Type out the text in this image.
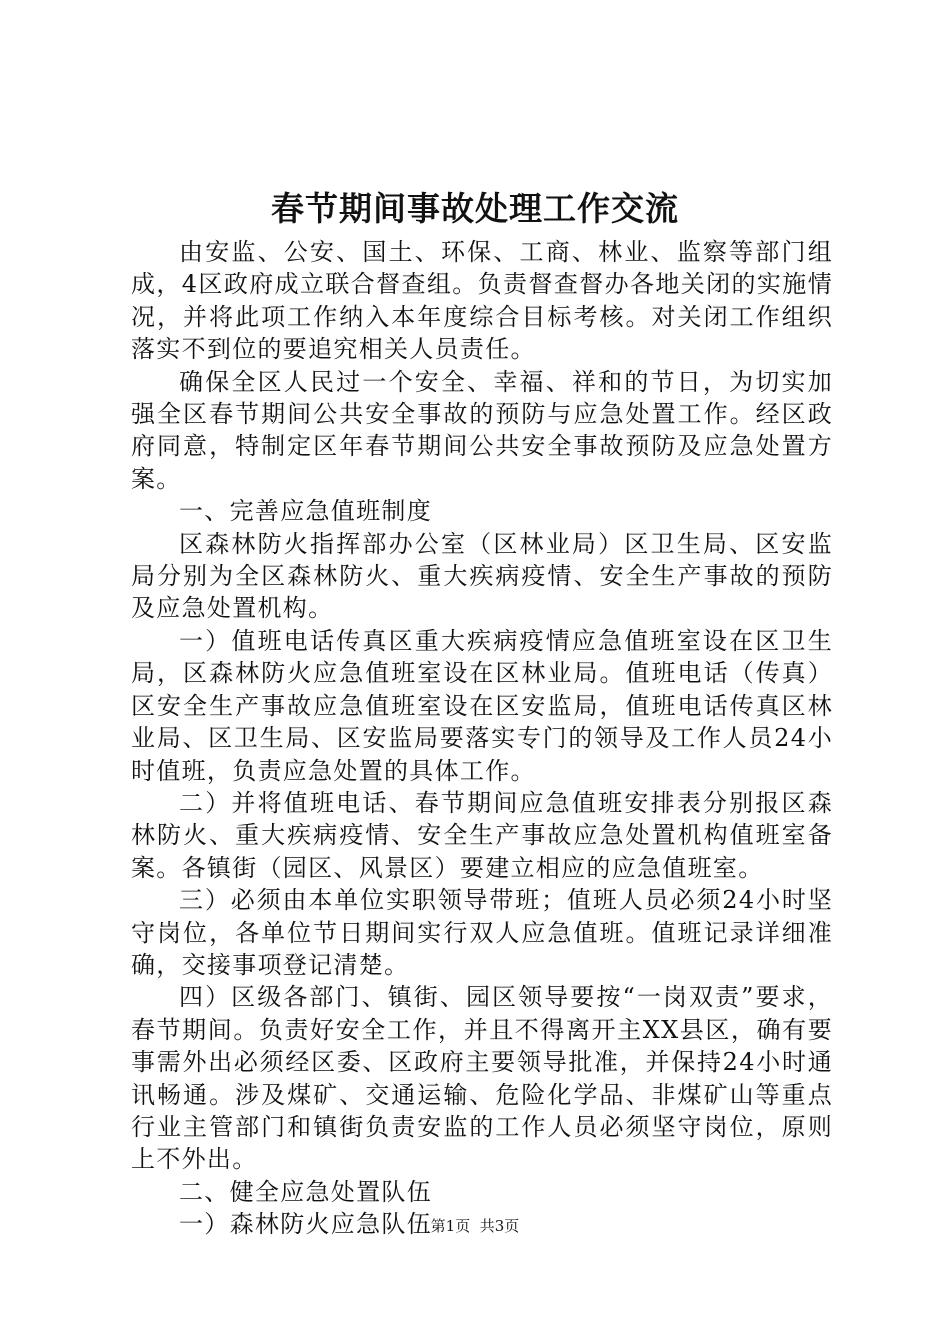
春节期间事故处理工作交流

由安监、公安、国土、环保、工商、林业、监察等部门组成，4区政府成立联合督查组。负责督查督办各地关闭的实施情况，并将此项工作纳入本年度综合目标考核。对关闭工作组织落实不到位的要追究相关人员责任。

确保全区人民过一个安全、幸福、祥和的节日，为切实加强全区春节期间公共安全事故的预防与应急处置工作。经区政府同意，特制定区年春节期间公共安全事故预防及应急处置方案。

一、完善应急值班制度

区森林防火指挥部办公室（区林业局）区卫生局、区安监局分别为全区森林防火、重大疾病疫情、安全生产事故的预防及应急处置机构。

一）值班电话传真区重大疾病疫情应急值班室设在区卫生局，区森林防火应急值班室设在区林业局。值班电话（传真）区安全生产事故应急值班室设在区安监局，值班电话传真区林业局、区卫生局、区安监局要落实专门的领导及工作人员24小时值班，负责应急处置的具体工作。

二）并将值班电话、春节期间应急值班安排表分别报区森林防火、重大疾病疫情、安全生产事故应急处置机构值班室备案。各镇街（园区、风景区）要建立相应的应急值班室。

三）必须由本单位实职领导带班；值班人员必须24小时坚守岗位，各单位节日期间实行双人应急值班。值班记录详细准确，交接事项登记清楚。

四）区级各部门、镇街、园区领导要按“一岗双责”要求，春节期间。负责好安全工作，并且不得离开主XX县区，确有要事需外出必须经区委、区政府主要领导批准，并保持24小时通讯畅通。涉及煤矿、交通运输、危险化学品、非煤矿山等重点行业主管部门和镇街负责安监的工作人员必须坚守岗位，原则上不外出。

二、健全应急处置队伍

一）森林防火应急队伍

第1页 共3页
